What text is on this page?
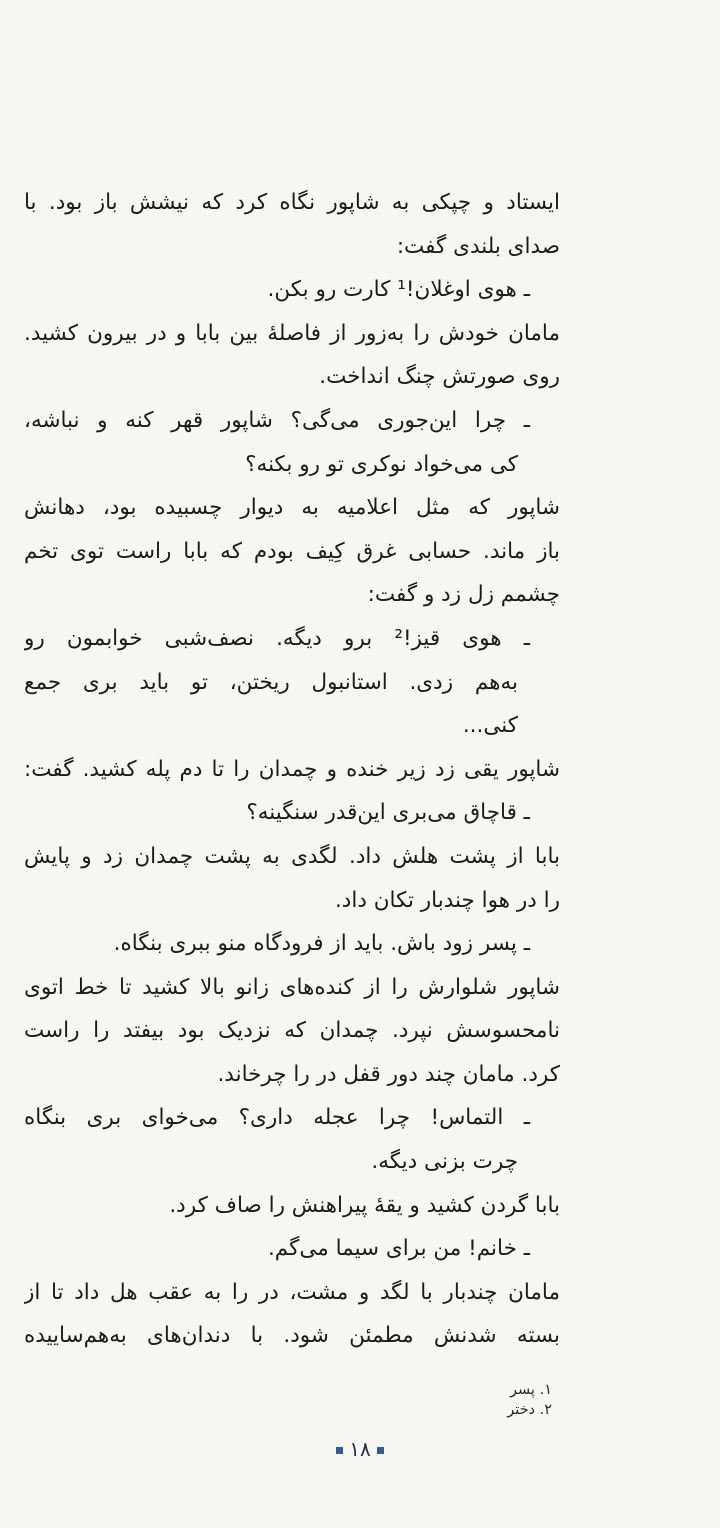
ایستاد و چپکی به شاپور نگاه کرد که نیشش باز بود. با
صدای بلندی گفت:
ـ هوی اوغلان!¹ کارت رو بکن.
مامان خودش را به‌زور از فاصلهٔ بین بابا و در بیرون کشید.
روی صورتش چنگ انداخت.
ـ چرا این‌جوری می‌گی؟ شاپور قهر کنه و نباشه،
کی می‌خواد نوکری تو رو بکنه؟
شاپور که مثل اعلامیه به دیوار چسبیده بود، دهانش
باز ماند. حسابی غرق کِیف بودم که بابا راست توی تخم
چشمم زل زد و گفت:
ـ هوی قیز!² برو دیگه. نصف‌شبی خوابمون رو
به‌هم زدی. استانبول ریختن، تو باید بری جمع
کنی...
شاپور یقی زد زیر خنده و چمدان را تا دم پله کشید. گفت:
ـ قاچاق می‌بری این‌قدر سنگینه؟
بابا از پشت هلش داد. لگدی به پشت چمدان زد و پایش
را در هوا چندبار تکان داد.
ـ پسر زود باش. باید از فرودگاه منو ببری بنگاه.
شاپور شلوارش را از کنده‌های زانو بالا کشید تا خط اتوی
نامحسوسش نپرد. چمدان که نزدیک بود بیفتد را راست
کرد. مامان چند دور قفل در را چرخاند.
ـ التماس! چرا عجله داری؟ می‌خوای بری بنگاه
چرت بزنی دیگه.
بابا گردن کشید و یقهٔ پیراهنش را صاف کرد.
ـ خانم! من برای سیما می‌گم.
مامان چندبار با لگد و مشت، در را به عقب هل داد تا از
بسته شدنش مطمئن شود. با دندان‌های به‌هم‌ساییده
۱. پسر
۲. دختر
۱۸
